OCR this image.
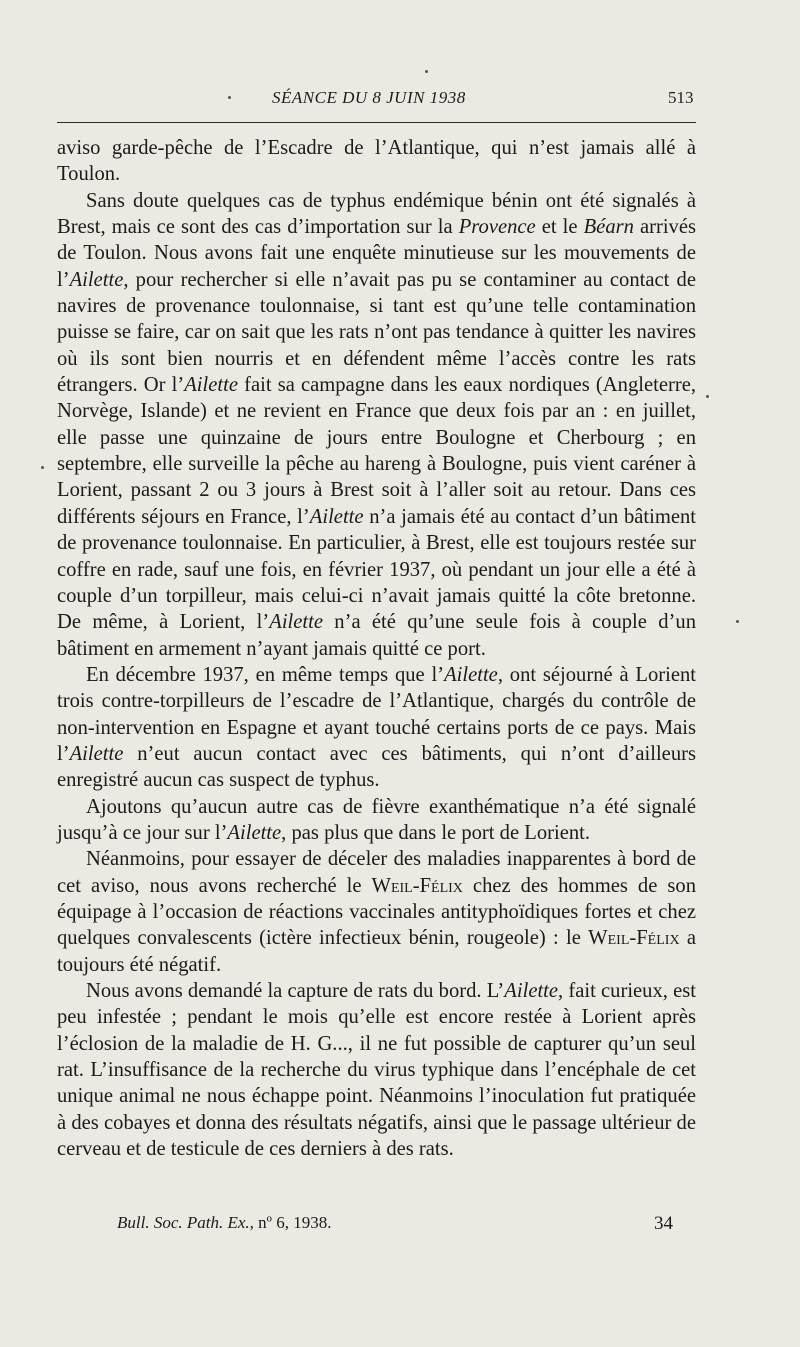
SÉANCE DU 8 JUIN 1938	513

aviso garde-pêche de l’Escadre de l’Atlantique, qui n’est jamais allé à Toulon.

Sans doute quelques cas de typhus endémique bénin ont été signalés à Brest, mais ce sont des cas d’importation sur la Provence et le Béarn arrivés de Toulon. Nous avons fait une enquête minutieuse sur les mouvements de l’Ailette, pour rechercher si elle n’avait pas pu se contaminer au contact de navires de provenance toulonnaise, si tant est qu’une telle contamination puisse se faire, car on sait que les rats n’ont pas tendance à quitter les navires où ils sont bien nourris et en défendent même l’accès contre les rats étrangers. Or l’Ailette fait sa campagne dans les eaux nordiques (Angleterre, Norvège, Islande) et ne revient en France que deux fois par an : en juillet, elle passe une quinzaine de jours entre Boulogne et Cherbourg ; en septembre, elle surveille la pêche au hareng à Boulogne, puis vient caréner à Lorient, passant 2 ou 3 jours à Brest soit à l’aller soit au retour. Dans ces différents séjours en France, l’Ailette n’a jamais été au contact d’un bâtiment de provenance toulonnaise. En particulier, à Brest, elle est toujours restée sur coffre en rade, sauf une fois, en février 1937, où pendant un jour elle a été à couple d’un torpilleur, mais celui-ci n’avait jamais quitté la côte bretonne. De même, à Lorient, l’Ailette n’a été qu’une seule fois à couple d’un bâtiment en armement n’ayant jamais quitté ce port.

En décembre 1937, en même temps que l’Ailette, ont séjourné à Lorient trois contre-torpilleurs de l’escadre de l’Atlantique, chargés du contrôle de non-intervention en Espagne et ayant touché certains ports de ce pays. Mais l’Ailette n’eut aucun contact avec ces bâtiments, qui n’ont d’ailleurs enregistré aucun cas suspect de typhus.

Ajoutons qu’aucun autre cas de fièvre exanthématique n’a été signalé jusqu’à ce jour sur l’Ailette, pas plus que dans le port de Lorient.

Néanmoins, pour essayer de déceler des maladies inapparentes à bord de cet aviso, nous avons recherché le Weil-Félix chez des hommes de son équipage à l’occasion de réactions vaccinales antityphoïdiques fortes et chez quelques convalescents (ictère infectieux bénin, rougeole) : le Weil-Félix a toujours été négatif.

Nous avons demandé la capture de rats du bord. L’Ailette, fait curieux, est peu infestée ; pendant le mois qu’elle est encore restée à Lorient après l’éclosion de la maladie de H. G..., il ne fut possible de capturer qu’un seul rat. L’insuffisance de la recherche du virus typhique dans l’encéphale de cet unique animal ne nous échappe point. Néanmoins l’inoculation fut pratiquée à des cobayes et donna des résultats négatifs, ainsi que le passage ultérieur de cerveau et de testicule de ces derniers à des rats.

Bull. Soc. Path. Ex., nº 6, 1938.	34
